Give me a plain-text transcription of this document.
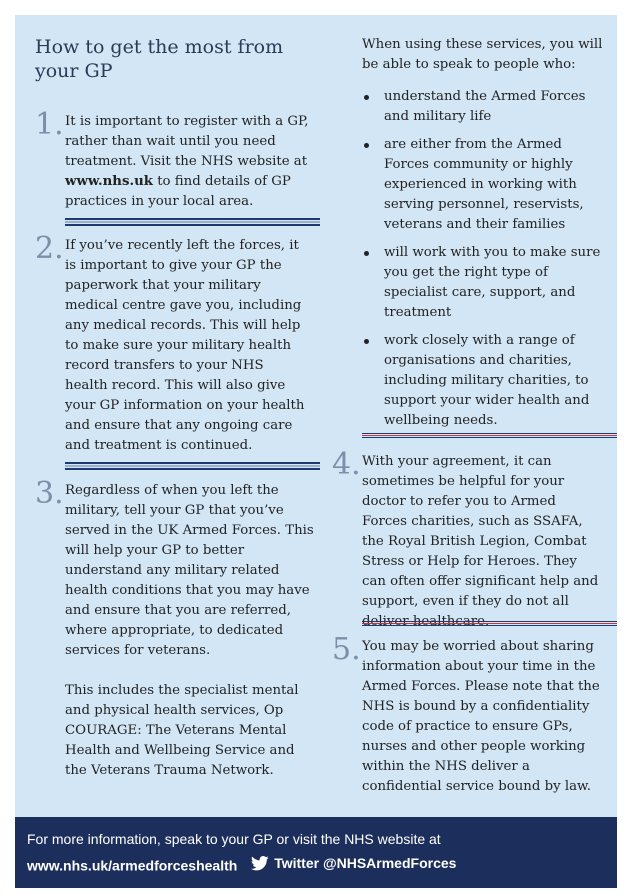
How to get the most from your GP
1. It is important to register with a GP, rather than wait until you need treatment. Visit the NHS website at www.nhs.uk to find details of GP practices in your local area.
2. If you’ve recently left the forces, it is important to give your GP the paperwork that your military medical centre gave you, including any medical records. This will help to make sure your military health record transfers to your NHS health record. This will also give your GP information on your health and ensure that any ongoing care and treatment is continued.
3. Regardless of when you left the military, tell your GP that you’ve served in the UK Armed Forces. This will help your GP to better understand any military related health conditions that you may have and ensure that you are referred, where appropriate, to dedicated services for veterans.
This includes the specialist mental and physical health services, Op COURAGE: The Veterans Mental Health and Wellbeing Service and the Veterans Trauma Network.
When using these services, you will be able to speak to people who:
understand the Armed Forces and military life
are either from the Armed Forces community or highly experienced in working with serving personnel, reservists, veterans and their families
will work with you to make sure you get the right type of specialist care, support, and treatment
work closely with a range of organisations and charities, including military charities, to support your wider health and wellbeing needs.
4. With your agreement, it can sometimes be helpful for your doctor to refer you to Armed Forces charities, such as SSAFA, the Royal British Legion, Combat Stress or Help for Heroes. They can often offer significant help and support, even if they do not all
5. You may be worried about sharing information about your time in the Armed Forces. Please note that the NHS is bound by a confidentiality code of practice to ensure GPs, nurses and other people working within the NHS deliver a confidential service bound by law.
For more information, speak to your GP or visit the NHS website at
www.nhs.uk/armedforceshealth	Twitter @NHSArmedForces
